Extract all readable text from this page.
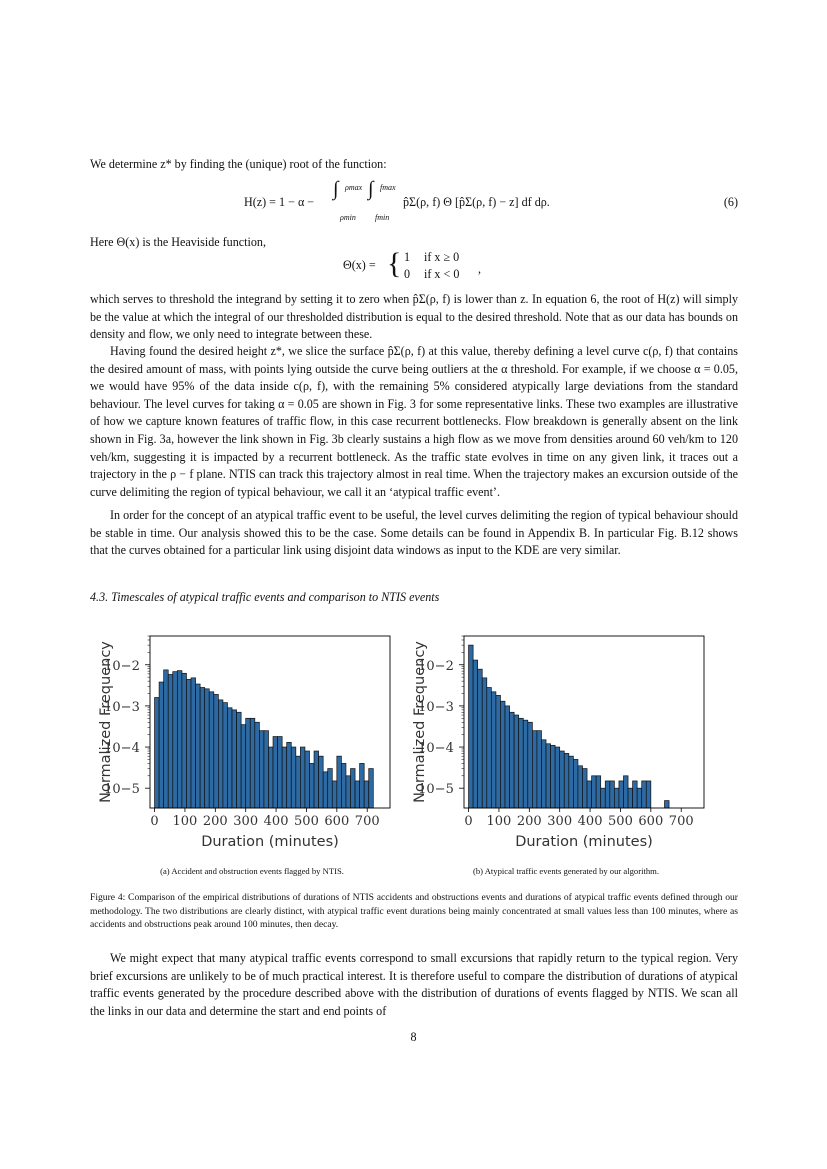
We determine z* by finding the (unique) root of the function:
H(z) = 1 − α −
∫ ρmax
ρmin
∫ fmax
fmin
p̂Σ(ρ, f) Θ [p̂Σ(ρ, f) − z] df dρ.	(6)
Here Θ(x) is the Heaviside function,
Θ(x) = { 1 if x ≥ 0
0 if x < 0 ,
which serves to threshold the integrand by setting it to zero when p̂Σ(ρ, f) is lower than z. In equation 6, the root of H(z) will simply be the value at which the integral of our thresholded distribution is equal to the desired threshold. Note that as our data has bounds on density and flow, we only need to integrate between these.
Having found the desired height z*, we slice the surface p̂Σ(ρ, f) at this value, thereby defining a level curve c(ρ, f) that contains the desired amount of mass, with points lying outside the curve being outliers at the α threshold. For example, if we choose α = 0.05, we would have 95% of the data inside c(ρ, f), with the remaining 5% considered atypically large deviations from the standard behaviour. The level curves for taking α = 0.05 are shown in Fig. 3 for some representative links. These two examples are illustrative of how we capture known features of traffic flow, in this case recurrent bottlenecks. Flow breakdown is generally absent on the link shown in Fig. 3a, however the link shown in Fig. 3b clearly sustains a high flow as we move from densities around 60 veh/km to 120 veh/km, suggesting it is impacted by a recurrent bottleneck. As the traffic state evolves in time on any given link, it traces out a trajectory in the ρ − f plane. NTIS can track this trajectory almost in real time. When the trajectory makes an excursion outside of the curve delimiting the region of typical behaviour, we call it an ‘atypical traffic event’.
In order for the concept of an atypical traffic event to be useful, the level curves delimiting the region of typical behaviour should be stable in time. Our analysis showed this to be the case. Some details can be found in Appendix B. In particular Fig. B.12 shows that the curves obtained for a particular link using disjoint data windows as input to the KDE are very similar.
4.3. Timescales of atypical traffic events and comparison to NTIS events
0 100 200 300 400 500 600 700
10−5
10−4
10−3
10−2
Duration (minutes)
Normalized Frequency
0 100 200 300 400 500 600 700
10−5
10−4
10−3
10−2
Duration (minutes)
Normalized Frequency
(a) Accident and obstruction events flagged by NTIS.	(b) Atypical traffic events generated by our algorithm.
Figure 4: Comparison of the empirical distributions of durations of NTIS accidents and obstructions events and durations of atypical traffic events defined through our methodology. The two distributions are clearly distinct, with atypical traffic event durations being mainly concentrated at small values less than 100 minutes, where as accidents and obstructions peak around 100 minutes, then decay.
We might expect that many atypical traffic events correspond to small excursions that rapidly return to the typical region. Very brief excursions are unlikely to be of much practical interest. It is therefore useful to compare the distribution of durations of atypical traffic events generated by the procedure described above with the distribution of durations of events flagged by NTIS. We scan all the links in our data and determine the start and end points of
8
